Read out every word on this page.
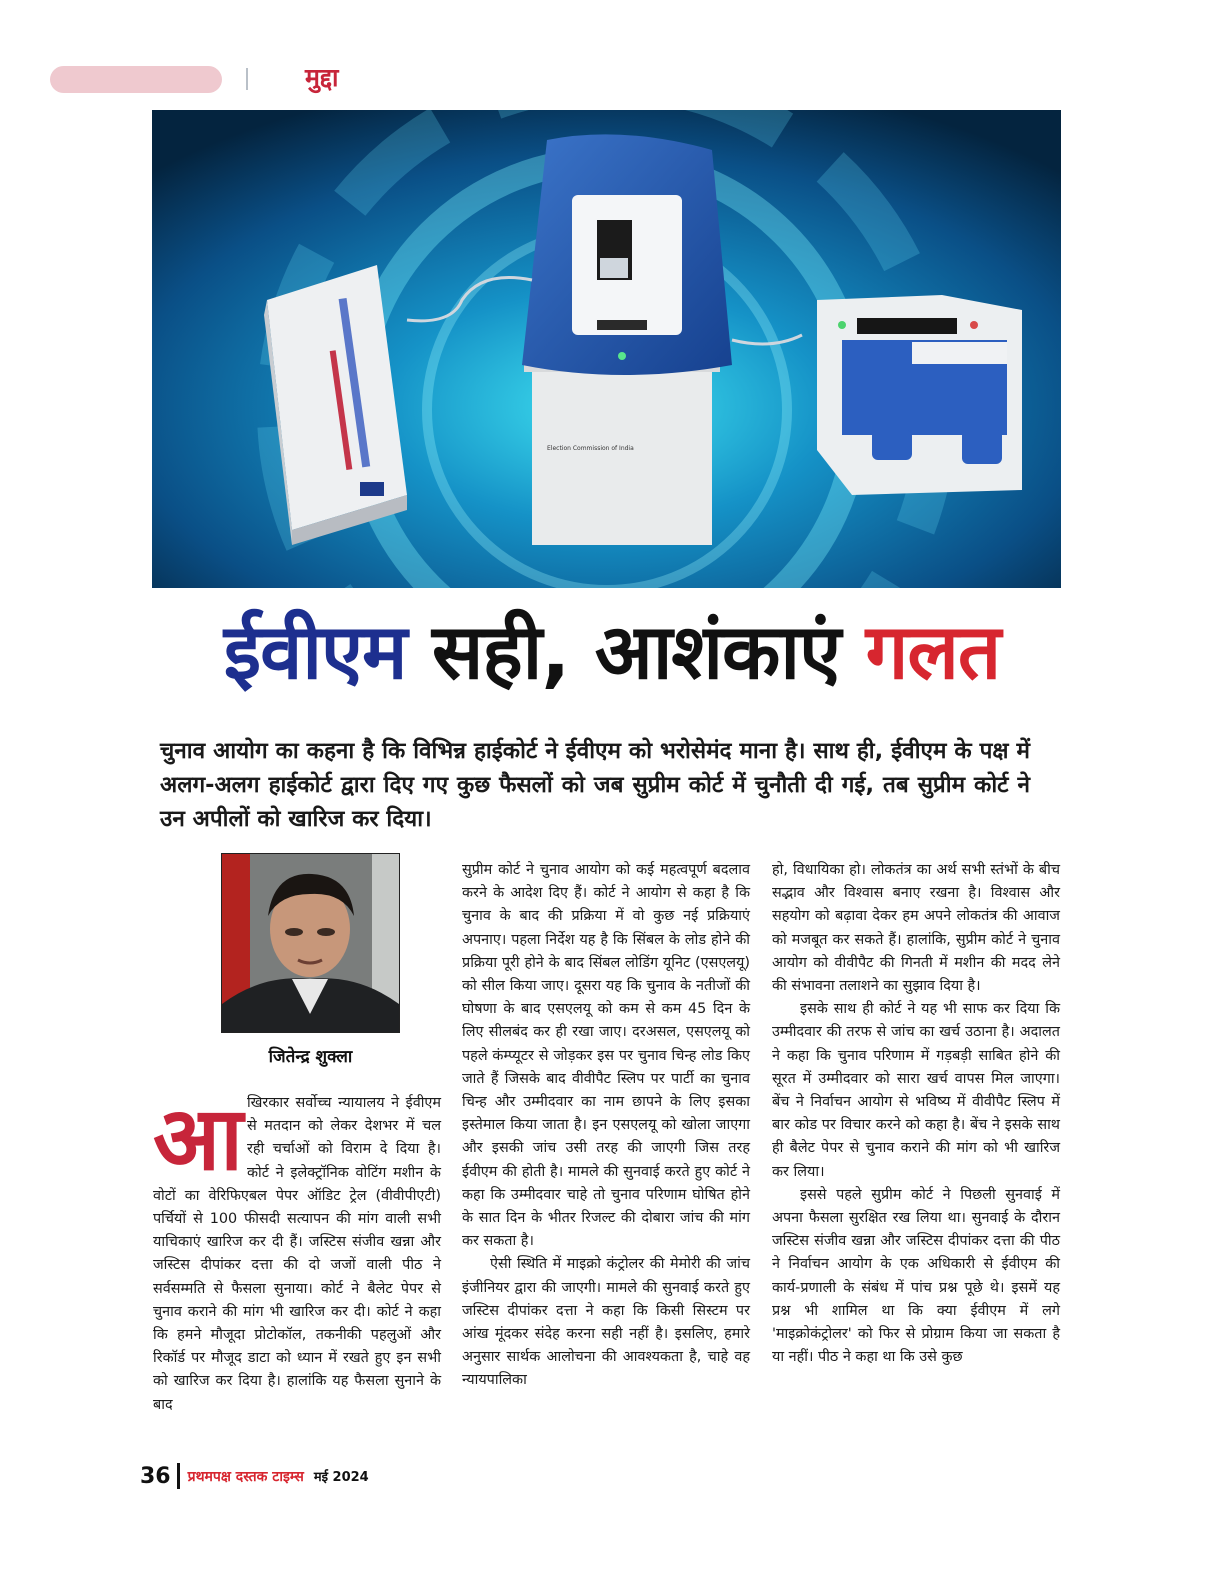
मुद्दा
Election Commission of India
ईवीएम सही, आशंकाएं गलत
चुनाव आयोग का कहना है कि विभिन्न हाईकोर्ट ने ईवीएम को भरोसेमंद माना है। साथ ही, ईवीएम के पक्ष में अलग-अलग हाईकोर्ट द्वारा दिए गए कुछ फैसलों को जब सुप्रीम कोर्ट में चुनौती दी गई, तब सुप्रीम कोर्ट ने उन अपीलों को खारिज कर दिया।
जितेन्द्र शुक्ला
आ खिरकार सर्वोच्च न्यायालय ने ईवीएम से मतदान को लेकर देशभर में चल रही चर्चाओं को विराम दे दिया है। कोर्ट ने इलेक्ट्रॉनिक वोटिंग मशीन के वोटों का वेरिफिएबल पेपर ऑडिट ट्रेल (वीवीपीएटी) पर्चियों से 100 फीसदी सत्यापन की मांग वाली सभी याचिकाएं खारिज कर दी हैं। जस्टिस संजीव खन्ना और जस्टिस दीपांकर दत्ता की दो जजों वाली पीठ ने सर्वसम्मति से फैसला सुनाया। कोर्ट ने बैलेट पेपर से चुनाव कराने की मांग भी खारिज कर दी। कोर्ट ने कहा कि हमने मौजूदा प्रोटोकॉल, तकनीकी पहलुओं और रिकॉर्ड पर मौजूद डाटा को ध्यान में रखते हुए इन सभी को खारिज कर दिया है। हालांकि यह फैसला सुनाने के बाद

सुप्रीम कोर्ट ने चुनाव आयोग को कई महत्वपूर्ण बदलाव करने के आदेश दिए हैं। कोर्ट ने आयोग से कहा है कि चुनाव के बाद की प्रक्रिया में वो कुछ नई प्रक्रियाएं अपनाए। पहला निर्देश यह है कि सिंबल के लोड होने की प्रक्रिया पूरी होने के बाद सिंबल लोडिंग यूनिट (एसएलयू) को सील किया जाए। दूसरा यह कि चुनाव के नतीजों की घोषणा के बाद एसएलयू को कम से कम 45 दिन के लिए सीलबंद कर ही रखा जाए। दरअसल, एसएलयू को पहले कंम्प्यूटर से जोड़कर इस पर चुनाव चिन्ह लोड किए जाते हैं जिसके बाद वीवीपैट स्लिप पर पार्टी का चुनाव चिन्ह और उम्मीदवार का नाम छापने के लिए इसका इस्तेमाल किया जाता है। इन एसएलयू को खोला जाएगा और इसकी जांच उसी तरह की जाएगी जिस तरह ईवीएम की होती है। मामले की सुनवाई करते हुए कोर्ट ने कहा कि उम्मीदवार चाहे तो चुनाव परिणाम घोषित होने के सात दिन के भीतर रिजल्ट की दोबारा जांच की मांग कर सकता है।

ऐसी स्थिति में माइक्रो कंट्रोलर की मेमोरी की जांच इंजीनियर द्वारा की जाएगी। मामले की सुनवाई करते हुए जस्टिस दीपांकर दत्ता ने कहा कि किसी सिस्टम पर आंख मूंदकर संदेह करना सही नहीं है। इसलिए, हमारे अनुसार सार्थक आलोचना की आवश्यकता है, चाहे वह न्यायपालिका

हो, विधायिका हो। लोकतंत्र का अर्थ सभी स्तंभों के बीच सद्भाव और विश्वास बनाए रखना है। विश्वास और सहयोग को बढ़ावा देकर हम अपने लोकतंत्र की आवाज को मजबूत कर सकते हैं। हालांकि, सुप्रीम कोर्ट ने चुनाव आयोग को वीवीपैट की गिनती में मशीन की मदद लेने की संभावना तलाशने का सुझाव दिया है।

इसके साथ ही कोर्ट ने यह भी साफ कर दिया कि उम्मीदवार की तरफ से जांच का खर्च उठाना है। अदालत ने कहा कि चुनाव परिणाम में गड़बड़ी साबित होने की सूरत में उम्मीदवार को सारा खर्च वापस मिल जाएगा। बेंच ने निर्वाचन आयोग से भविष्य में वीवीपैट स्लिप में बार कोड पर विचार करने को कहा है। बेंच ने इसके साथ ही बैलेट पेपर से चुनाव कराने की मांग को भी खारिज कर लिया।

इससे पहले सुप्रीम कोर्ट ने पिछली सुनवाई में अपना फैसला सुरक्षित रख लिया था। सुनवाई के दौरान जस्टिस संजीव खन्ना और जस्टिस दीपांकर दत्ता की पीठ ने निर्वाचन आयोग के एक अधिकारी से ईवीएम की कार्य-प्रणाली के संबंध में पांच प्रश्न पूछे थे। इसमें यह प्रश्न भी शामिल था कि क्या ईवीएम में लगे 'माइक्रोकंट्रोलर' को फिर से प्रोग्राम किया जा सकता है या नहीं। पीठ ने कहा था कि उसे कुछ

36 प्रथमपक्ष दस्तक टाइम्स मई 2024
